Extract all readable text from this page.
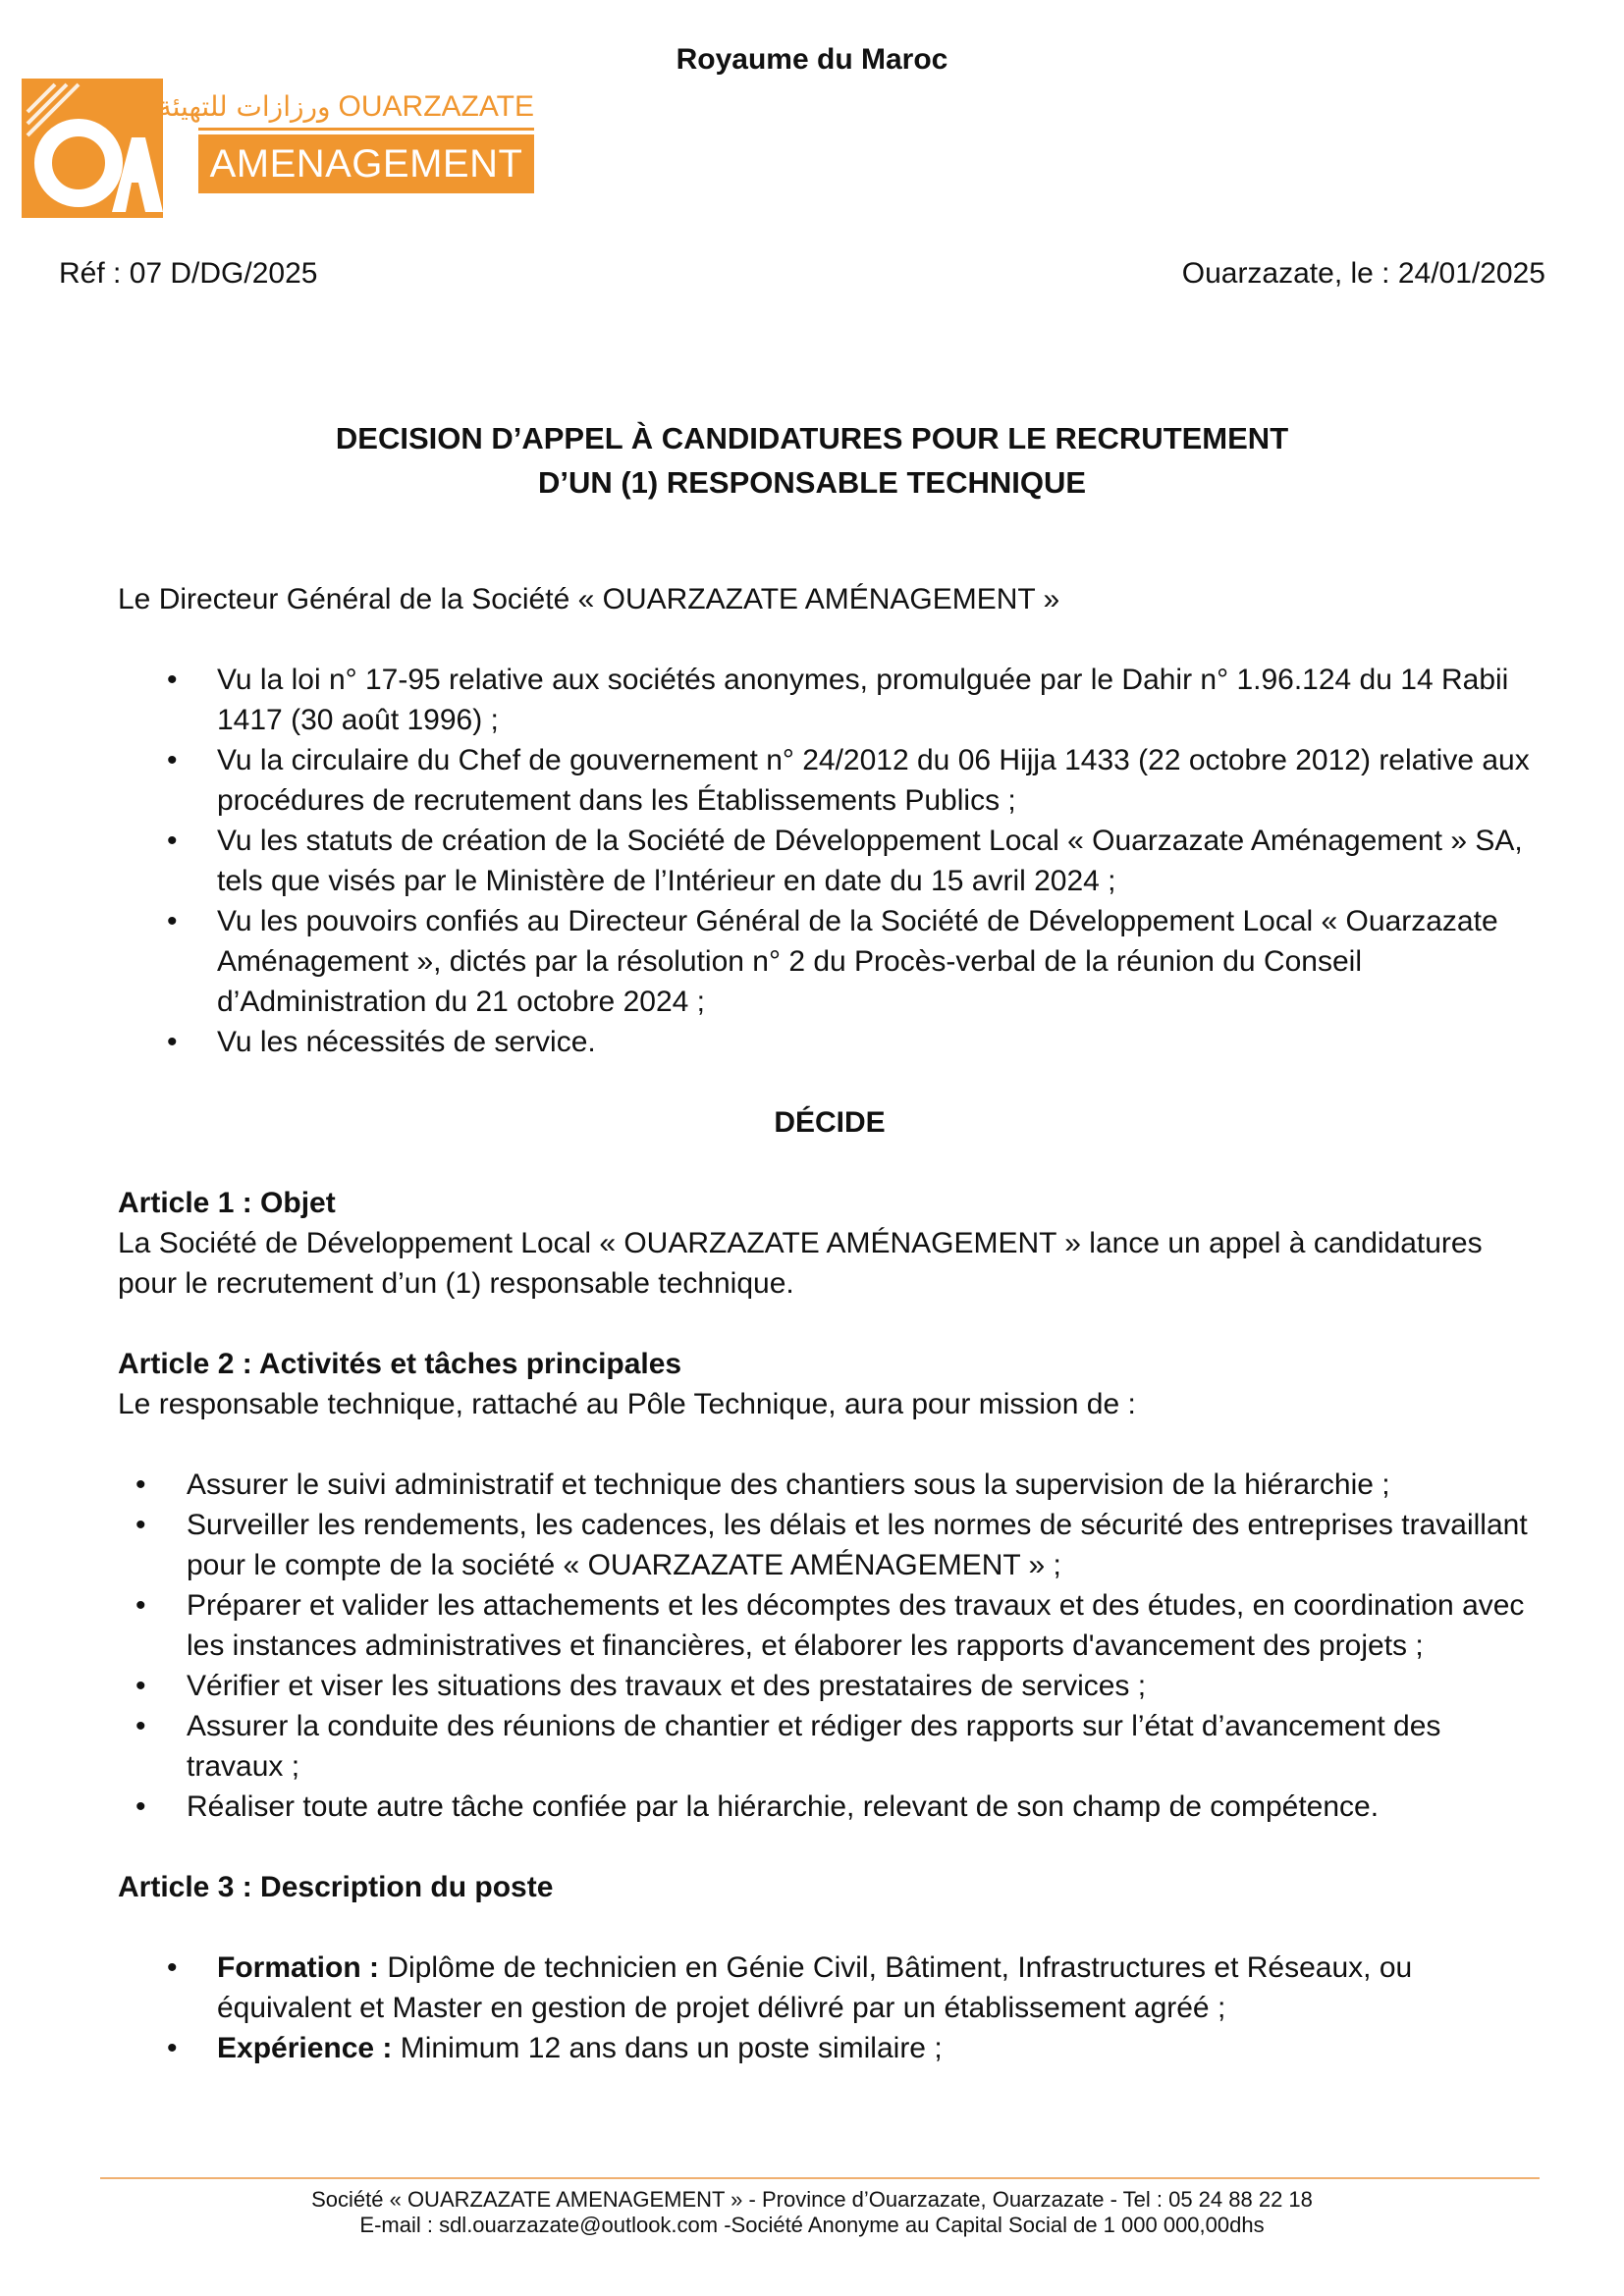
Royaume du Maroc
ورزازات للتهيئة OUARZAZATE
AMENAGEMENT
Réf : 07 D/DG/2025	Ouarzazate, le : 24/01/2025
DECISION D’APPEL À CANDIDATURES POUR LE RECRUTEMENT
D’UN (1) RESPONSABLE TECHNIQUE

Le Directeur Général de la Société « OUARZAZATE AMÉNAGEMENT »

• Vu la loi n° 17-95 relative aux sociétés anonymes, promulguée par le Dahir n° 1.96.124 du 14 Rabii 1417 (30 août 1996) ;
• Vu la circulaire du Chef de gouvernement n° 24/2012 du 06 Hijja 1433 (22 octobre 2012) relative aux procédures de recrutement dans les Établissements Publics ;
• Vu les statuts de création de la Société de Développement Local « Ouarzazate Aménagement » SA, tels que visés par le Ministère de l’Intérieur en date du 15 avril 2024 ;
• Vu les pouvoirs confiés au Directeur Général de la Société de Développement Local « Ouarzazate Aménagement », dictés par la résolution n° 2 du Procès-verbal de la réunion du Conseil d’Administration du 21 octobre 2024 ;
• Vu les nécessités de service.

DÉCIDE

Article 1 : Objet

La Société de Développement Local « OUARZAZATE AMÉNAGEMENT » lance un appel à candidatures pour le recrutement d’un (1) responsable technique.

Article 2 : Activités et tâches principales

Le responsable technique, rattaché au Pôle Technique, aura pour mission de :

• Assurer le suivi administratif et technique des chantiers sous la supervision de la hiérarchie ;
• Surveiller les rendements, les cadences, les délais et les normes de sécurité des entreprises travaillant pour le compte de la société « OUARZAZATE AMÉNAGEMENT » ;
• Préparer et valider les attachements et les décomptes des travaux et des études, en coordination avec les instances administratives et financières, et élaborer les rapports d'avancement des projets ;
• Vérifier et viser les situations des travaux et des prestataires de services ;
• Assurer la conduite des réunions de chantier et rédiger des rapports sur l’état d’avancement des travaux ;
• Réaliser toute autre tâche confiée par la hiérarchie, relevant de son champ de compétence.

Article 3 : Description du poste

• Formation : Diplôme de technicien en Génie Civil, Bâtiment, Infrastructures et Réseaux, ou équivalent et Master en gestion de projet délivré par un établissement agréé ;
• Expérience : Minimum 12 ans dans un poste similaire ;
Société « OUARZAZATE AMENAGEMENT » - Province d’Ouarzazate, Ouarzazate - Tel : 05 24 88 22 18
E-mail : sdl.ouarzazate@outlook.com -Société Anonyme au Capital Social de 1 000 000,00dhs
